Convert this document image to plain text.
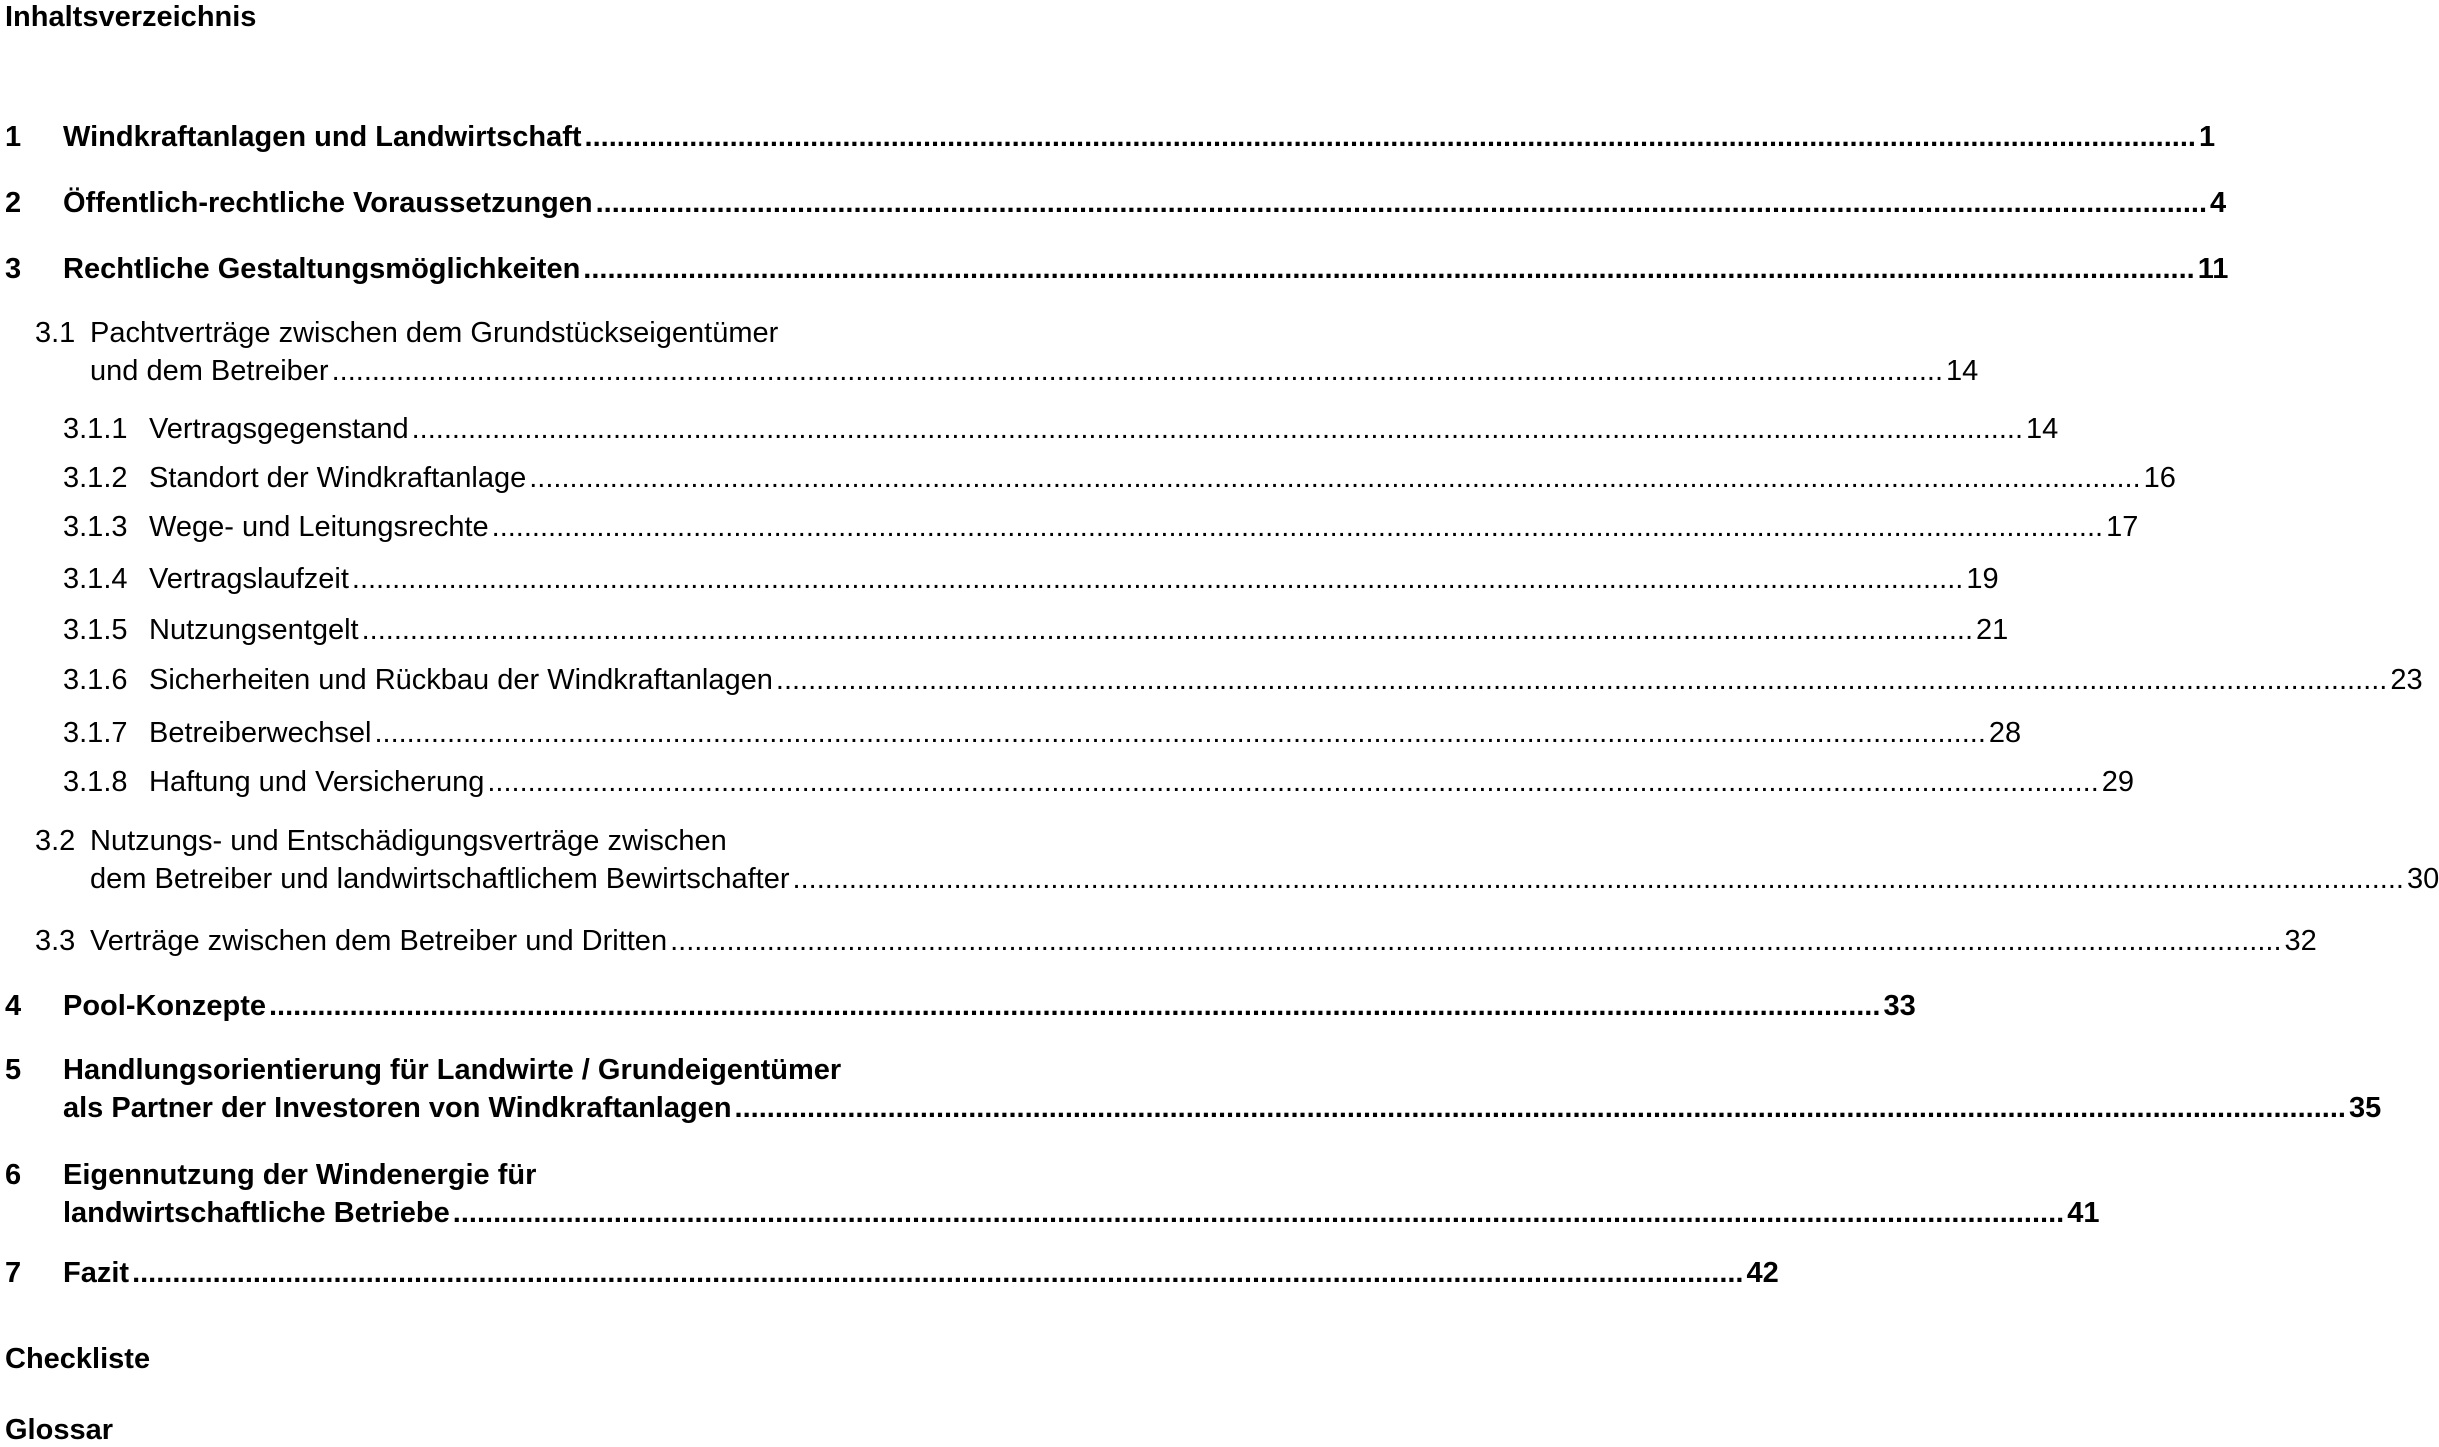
Inhaltsverzeichnis
1 Windkraftanlagen und Landwirtschaft ........................................................................................................................................................................................................ 1
2 Öffentlich-rechtliche Voraussetzungen ........................................................................................................................................................................................................ 4
3 Rechtliche Gestaltungsmöglichkeiten ........................................................................................................................................................................................................ 11
3.1 Pachtverträge zwischen dem Grundstückseigentümer
und dem Betreiber ........................................................................................................................................................................................................ 14
3.1.1 Vertragsgegenstand ........................................................................................................................................................................................................ 14
3.1.2 Standort der Windkraftanlage ........................................................................................................................................................................................................ 16
3.1.3 Wege- und Leitungsrechte ........................................................................................................................................................................................................ 17
3.1.4 Vertragslaufzeit ........................................................................................................................................................................................................ 19
3.1.5 Nutzungsentgelt ........................................................................................................................................................................................................ 21
3.1.6 Sicherheiten und Rückbau der Windkraftanlagen ........................................................................................................................................................................................................ 23
3.1.7 Betreiberwechsel ........................................................................................................................................................................................................ 28
3.1.8 Haftung und Versicherung ........................................................................................................................................................................................................ 29
3.2 Nutzungs- und Entschädigungsverträge zwischen
dem Betreiber und landwirtschaftlichem Bewirtschafter ........................................................................................................................................................................................................ 30
3.3 Verträge zwischen dem Betreiber und Dritten ........................................................................................................................................................................................................ 32
4 Pool-Konzepte ........................................................................................................................................................................................................ 33
5 Handlungsorientierung für Landwirte / Grundeigentümer
als Partner der Investoren von Windkraftanlagen ........................................................................................................................................................................................................ 35
6 Eigennutzung der Windenergie für
landwirtschaftliche Betriebe ........................................................................................................................................................................................................ 41
7 Fazit ........................................................................................................................................................................................................ 42
Checkliste
Glossar
